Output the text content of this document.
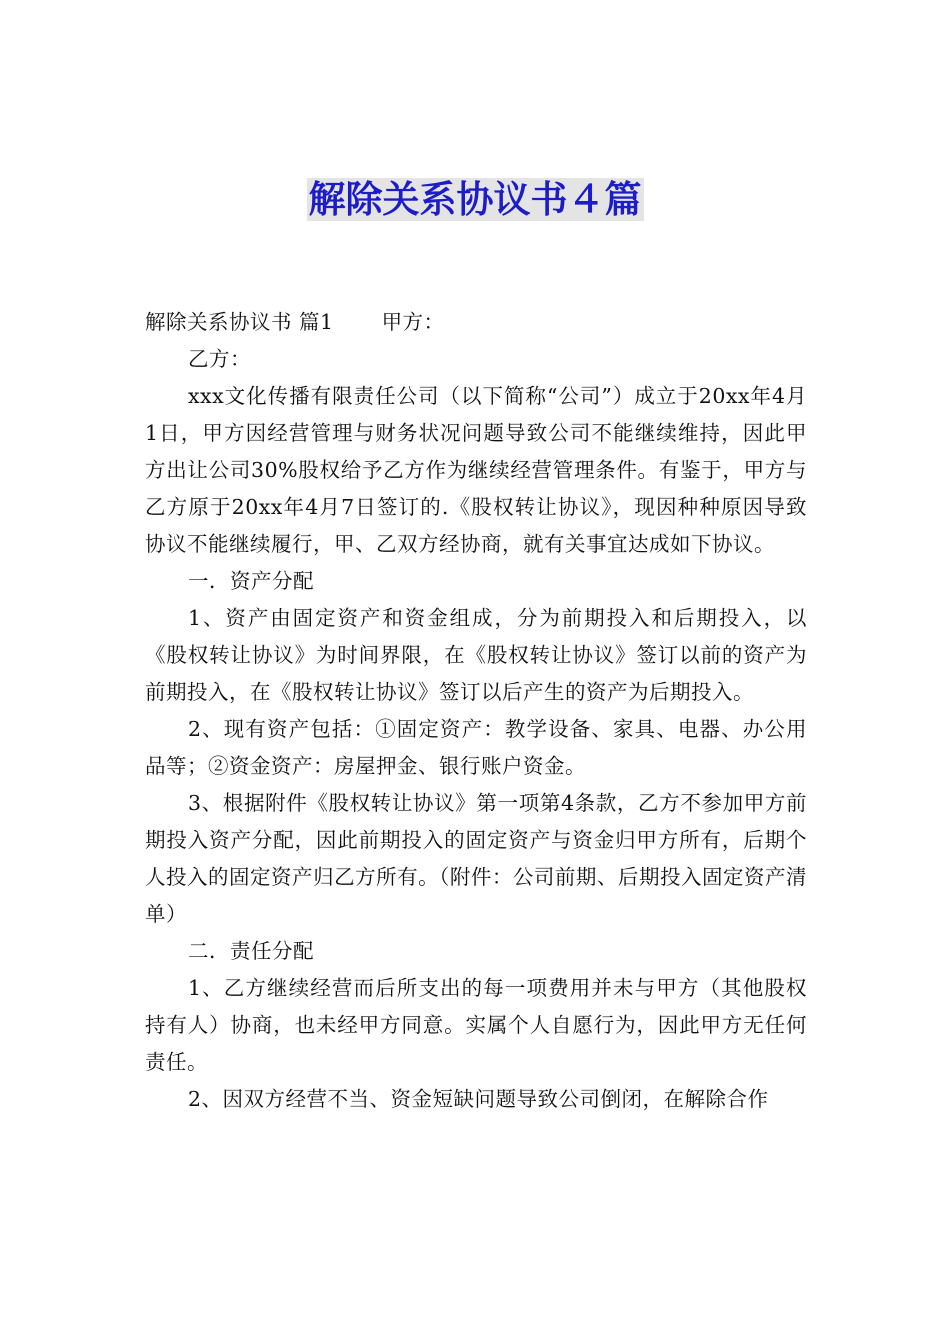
解除关系协议书４篇

解除关系协议书 篇1 甲方：

乙方：

xxx文化传播有限责任公司（以下简称“公司”）成立于20xx年4月1日，甲方因经营管理与财务状况问题导致公司不能继续维持，因此甲方出让公司30%股权给予乙方作为继续经营管理条件。有鉴于，甲方与乙方原于20xx年4月7日签订的.《股权转让协议》，现因种种原因导致协议不能继续履行，甲、乙双方经协商，就有关事宜达成如下协议。

一．资产分配

1、资产由固定资产和资金组成，分为前期投入和后期投入，以《股权转让协议》为时间界限，在《股权转让协议》签订以前的资产为前期投入，在《股权转让协议》签订以后产生的资产为后期投入。

2、现有资产包括：①固定资产：教学设备、家具、电器、办公用品等；②资金资产：房屋押金、银行账户资金。

3、根据附件《股权转让协议》第一项第4条款，乙方不参加甲方前期投入资产分配，因此前期投入的固定资产与资金归甲方所有，后期个人投入的固定资产归乙方所有。（附件：公司前期、后期投入固定资产清单）

二．责任分配

1、乙方继续经营而后所支出的每一项费用并未与甲方（其他股权持有人）协商，也未经甲方同意。实属个人自愿行为，因此甲方无任何责任。

2、因双方经营不当、资金短缺问题导致公司倒闭，在解除合作
